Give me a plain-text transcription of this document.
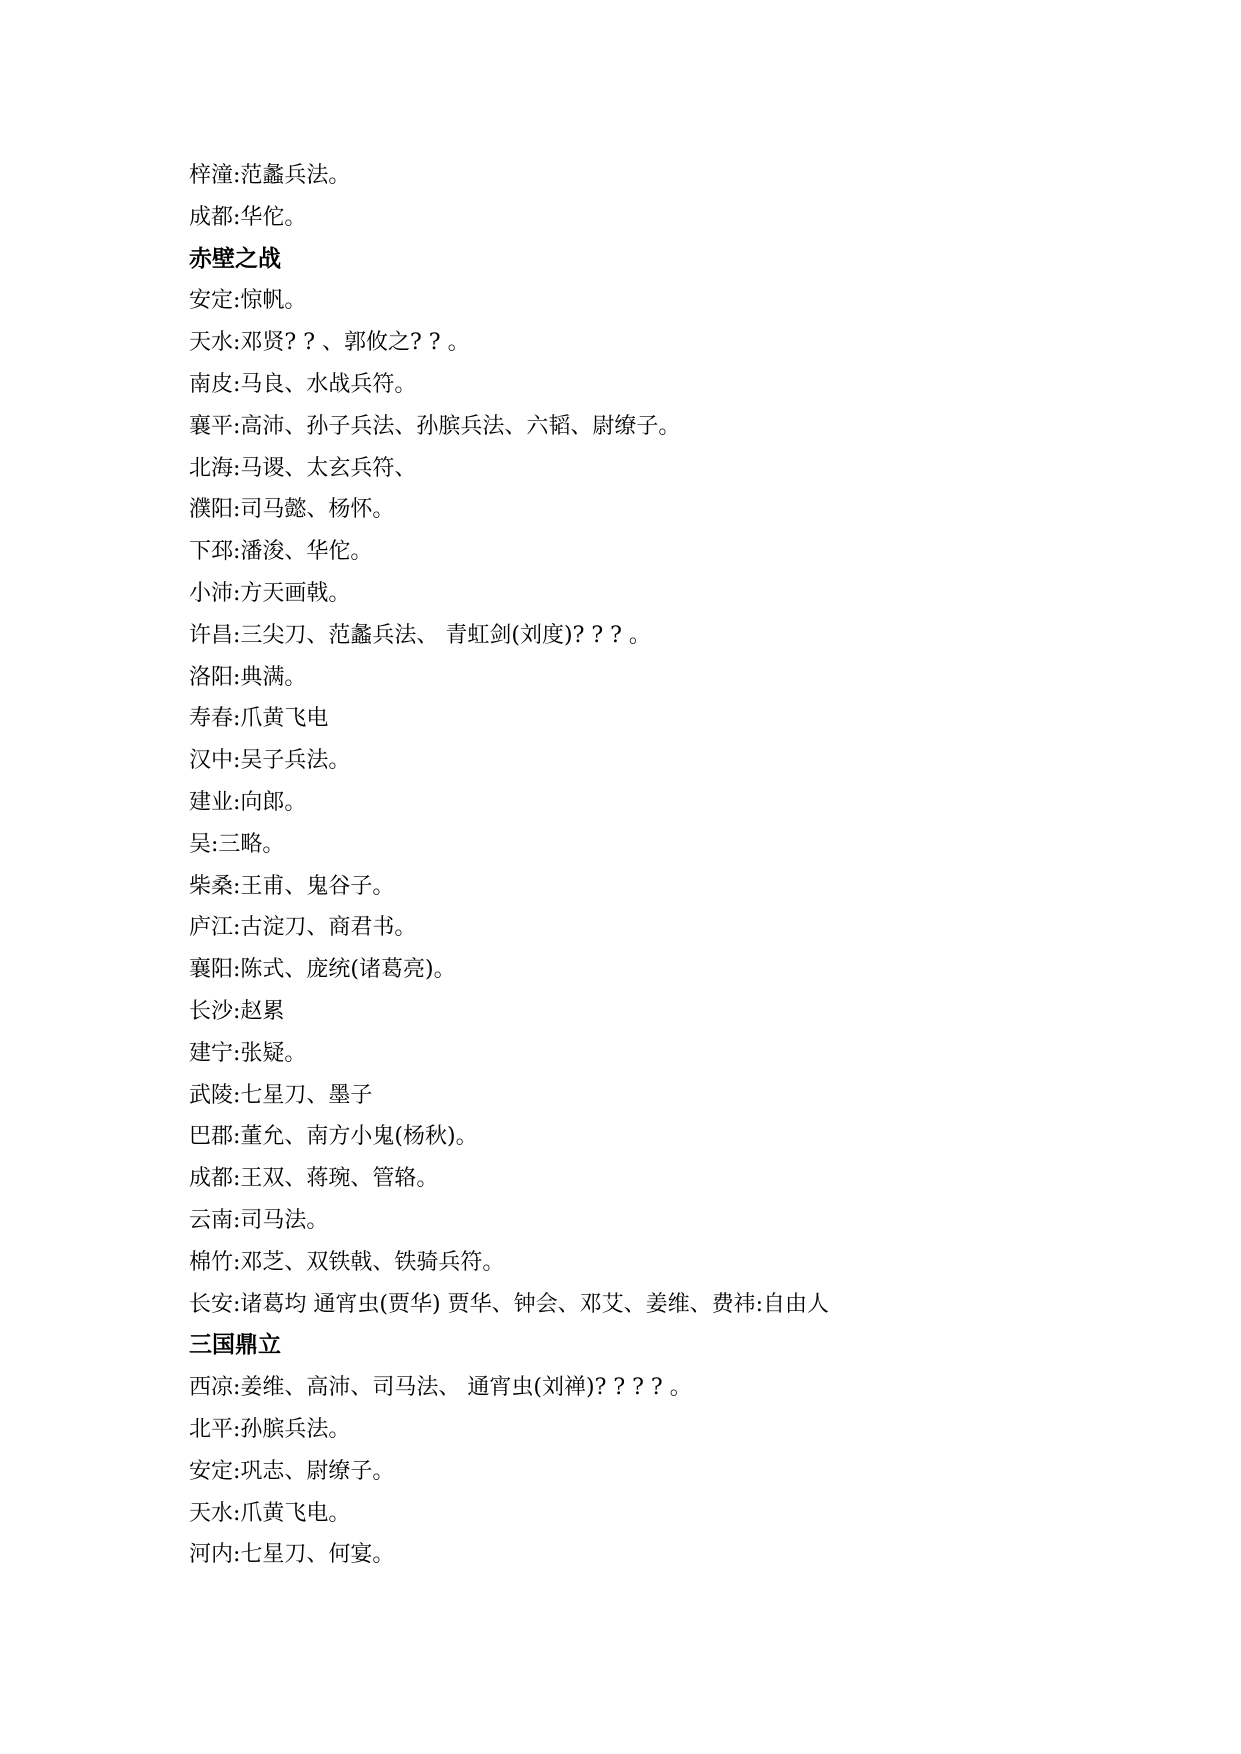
梓潼:范蠡兵法。
成都:华佗。
赤壁之战
安定:惊帆。
天水:邓贤? ? 、郭攸之? ? 。
南皮:马良、水战兵符。
襄平:高沛、孙子兵法、孙膑兵法、六韬、尉缭子。
北海:马谡、太玄兵符、
濮阳:司马懿、杨怀。
下邳:潘浚、华佗。
小沛:方天画戟。
许昌:三尖刀、范蠡兵法、 青虹剑(刘度)? ? ? 。
洛阳:典满。
寿春:爪黄飞电
汉中:吴子兵法。
建业:向郎。
吴:三略。
柴桑:王甫、鬼谷子。
庐江:古淀刀、商君书。
襄阳:陈式、庞统(诸葛亮)。
长沙:赵累
建宁:张疑。
武陵:七星刀、墨子
巴郡:董允、南方小鬼(杨秋)。
成都:王双、蒋琬、管辂。
云南:司马法。
棉竹:邓芝、双铁戟、铁骑兵符。
长安:诸葛均 通宵虫(贾华) 贾华、钟会、邓艾、姜维、费祎:自由人
三国鼎立
西凉:姜维、高沛、司马法、 通宵虫(刘禅)? ? ? ? 。
北平:孙膑兵法。
安定:巩志、尉缭子。
天水:爪黄飞电。
河内:七星刀、何宴。
